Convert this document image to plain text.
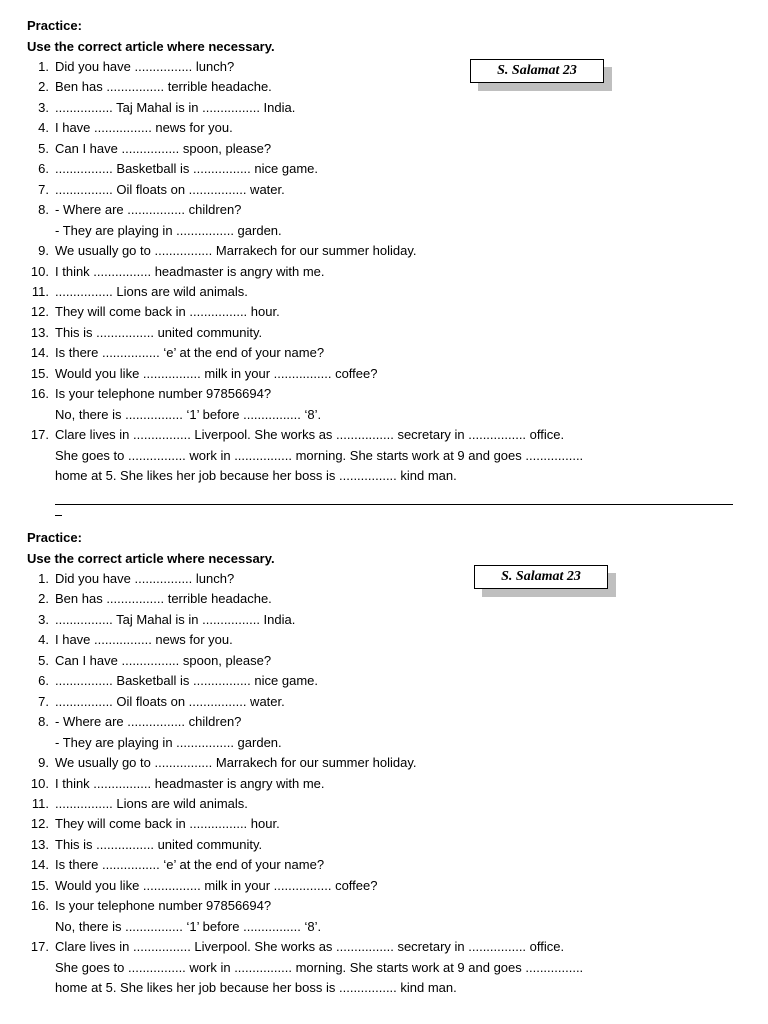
Practice:
Use the correct article where necessary.
S. Salamat 23
1. Did you have ................ lunch?
2. Ben has ................ terrible headache.
3. ................ Taj Mahal is in ................ India.
4. I have ................ news for you.
5. Can I have ................ spoon, please?
6. ................ Basketball is ................ nice game.
7. ................ Oil floats on ................ water.
8. - Where are ................ children?
- They are playing in ................ garden.
9. We usually go to ................ Marrakech for our summer holiday.
10. I think ................ headmaster is angry with me.
11. ................ Lions are wild animals.
12. They will come back in ................ hour.
13. This is ................ united community.
14. Is there ................ ‘e’ at the end of your name?
15. Would you like ................ milk in your ................ coffee?
16. Is your telephone number 97856694?
No, there is ................ ‘1’ before ................ ‘8’.
17. Clare lives in ................ Liverpool. She works as ................ secretary in ................ office.
She goes to ................ work in ................ morning. She starts work at 9 and goes ................
home at 5. She likes her job because her boss is ................ kind man.
Practice:
Use the correct article where necessary.
S. Salamat 23
1. Did you have ................ lunch?
2. Ben has ................ terrible headache.
3. ................ Taj Mahal is in ................ India.
4. I have ................ news for you.
5. Can I have ................ spoon, please?
6. ................ Basketball is ................ nice game.
7. ................ Oil floats on ................ water.
8. - Where are ................ children?
- They are playing in ................ garden.
9. We usually go to ................ Marrakech for our summer holiday.
10. I think ................ headmaster is angry with me.
11. ................ Lions are wild animals.
12. They will come back in ................ hour.
13. This is ................ united community.
14. Is there ................ ‘e’ at the end of your name?
15. Would you like ................ milk in your ................ coffee?
16. Is your telephone number 97856694?
No, there is ................ ‘1’ before ................ ‘8’.
17. Clare lives in ................ Liverpool. She works as ................ secretary in ................ office.
She goes to ................ work in ................ morning. She starts work at 9 and goes ................
home at 5. She likes her job because her boss is ................ kind man.
